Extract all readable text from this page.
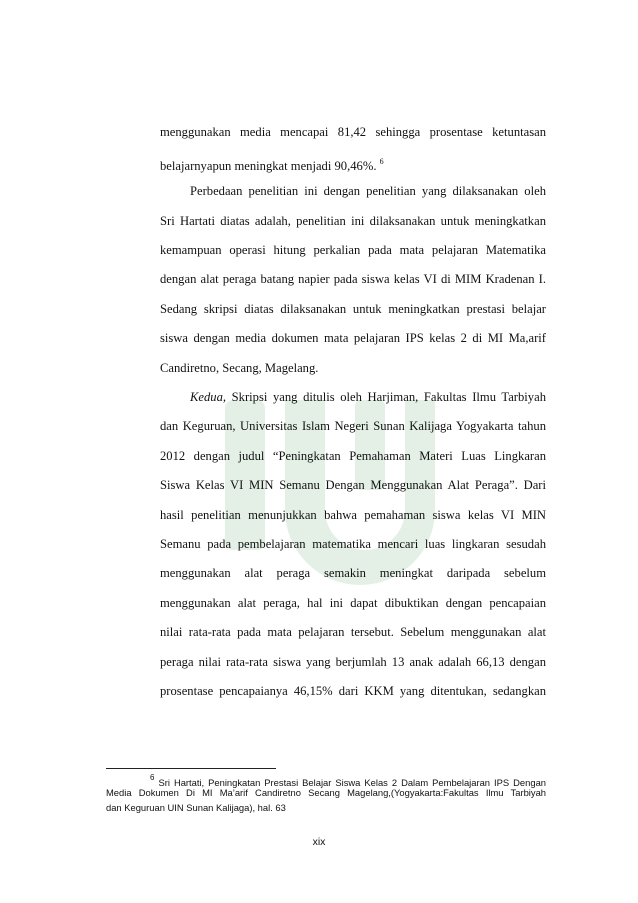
menggunakan media mencapai 81,42 sehingga prosentase ketuntasan
belajarnyapun meningkat menjadi 90,46%. $^6$
Perbedaan penelitian ini dengan penelitian yang dilaksanakan oleh
Sri Hartati diatas adalah, penelitian ini dilaksanakan untuk meningkatkan
kemampuan operasi hitung perkalian pada mata pelajaran Matematika
dengan alat peraga batang napier pada siswa kelas VI di MIM Kradenan I.
Sedang skripsi diatas dilaksanakan untuk meningkatkan prestasi belajar
siswa dengan media dokumen mata pelajaran IPS kelas 2 di MI Ma,arif
Candiretno, Secang, Magelang.
Kedua, Skripsi yang ditulis oleh Harjiman, Fakultas Ilmu Tarbiyah
dan Keguruan, Universitas Islam Negeri Sunan Kalijaga Yogyakarta tahun
2012 dengan judul “Peningkatan Pemahaman Materi Luas Lingkaran
Siswa Kelas VI MIN Semanu Dengan Menggunakan Alat Peraga”. Dari
hasil penelitian menunjukkan bahwa pemahaman siswa kelas VI MIN
Semanu pada pembelajaran matematika mencari luas lingkaran sesudah
menggunakan alat peraga semakin meningkat daripada sebelum
menggunakan alat peraga, hal ini dapat dibuktikan dengan pencapaian
nilai rata-rata pada mata pelajaran tersebut. Sebelum menggunakan alat
peraga nilai rata-rata siswa yang berjumlah 13 anak adalah 66,13 dengan
prosentase pencapaianya 46,15% dari KKM yang ditentukan, sedangkan
$^6$ Sri Hartati, Peningkatan Prestasi Belajar Siswa Kelas 2 Dalam Pembelajaran IPS Dengan
Media Dokumen Di MI Ma’arif Candiretno Secang Magelang,(Yogyakarta:Fakultas Ilmu Tarbiyah
dan Keguruan UIN Sunan Kalijaga), hal. 63
xix
